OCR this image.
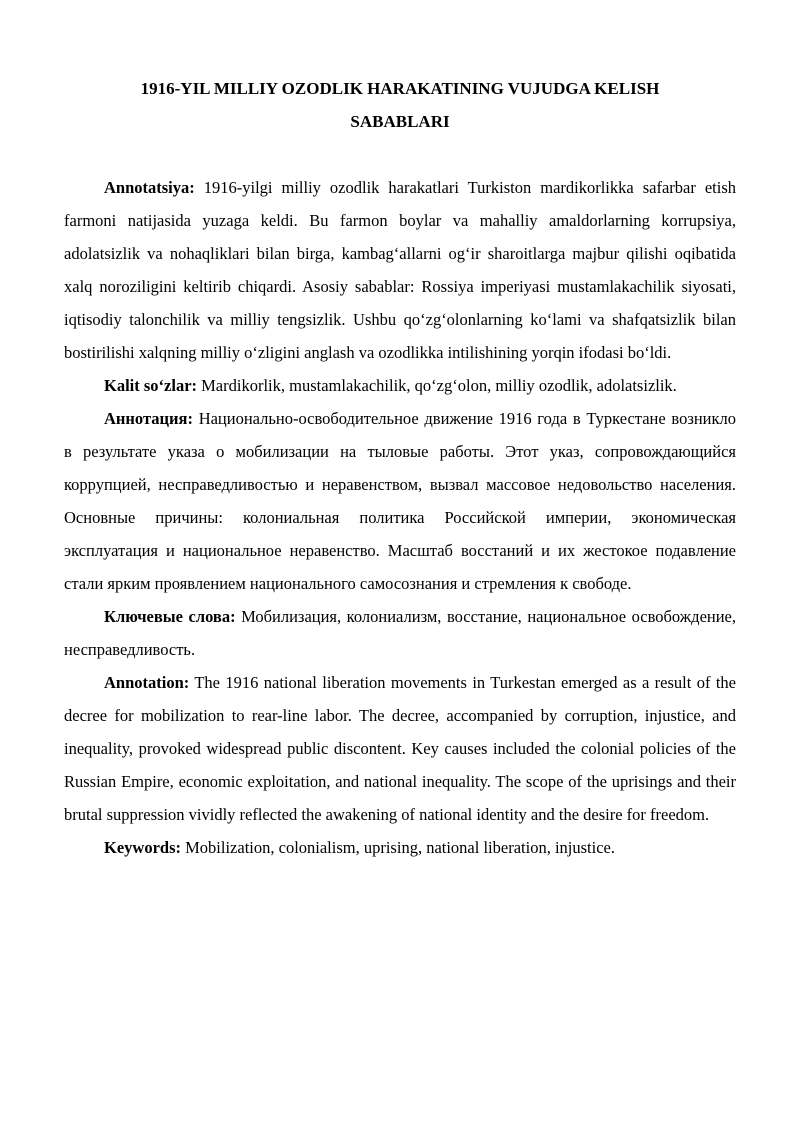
1916-YIL MILLIY OZODLIK HARAKATINING VUJUDGA KELISH SABABLARI

Annotatsiya: 1916-yilgi milliy ozodlik harakatlari Turkiston mardikorlikka safarbar etish farmoni natijasida yuzaga keldi. Bu farmon boylar va mahalliy amaldorlarning korrupsiya, adolatsizlik va nohaqliklari bilan birga, kambagʻallarni ogʻir sharoitlarga majbur qilishi oqibatida xalq noroziligini keltirib chiqardi. Asosiy sabablar: Rossiya imperiyasi mustamlakachilik siyosati, iqtisodiy talonchilik va milliy tengsizlik. Ushbu qoʻzgʻolonlarning koʻlami va shafqatsizlik bilan bostirilishi xalqning milliy oʻzligini anglash va ozodlikka intilishining yorqin ifodasi boʻldi.

Kalit soʻzlar: Mardikorlik, mustamlakachilik, qoʻzgʻolon, milliy ozodlik, adolatsizlik.

Аннотация: Национально-освободительное движение 1916 года в Туркестане возникло в результате указа о мобилизации на тыловые работы. Этот указ, сопровождающийся коррупцией, несправедливостью и неравенством, вызвал массовое недовольство населения. Основные причины: колониальная политика Российской империи, экономическая эксплуатация и национальное неравенство. Масштаб восстаний и их жестокое подавление стали ярким проявлением национального самосознания и стремления к свободе.

Ключевые слова: Мобилизация, колониализм, восстание, национальное освобождение, несправедливость.

Annotation: The 1916 national liberation movements in Turkestan emerged as a result of the decree for mobilization to rear-line labor. The decree, accompanied by corruption, injustice, and inequality, provoked widespread public discontent. Key causes included the colonial policies of the Russian Empire, economic exploitation, and national inequality. The scope of the uprisings and their brutal suppression vividly reflected the awakening of national identity and the desire for freedom.

Keywords: Mobilization, colonialism, uprising, national liberation, injustice.
